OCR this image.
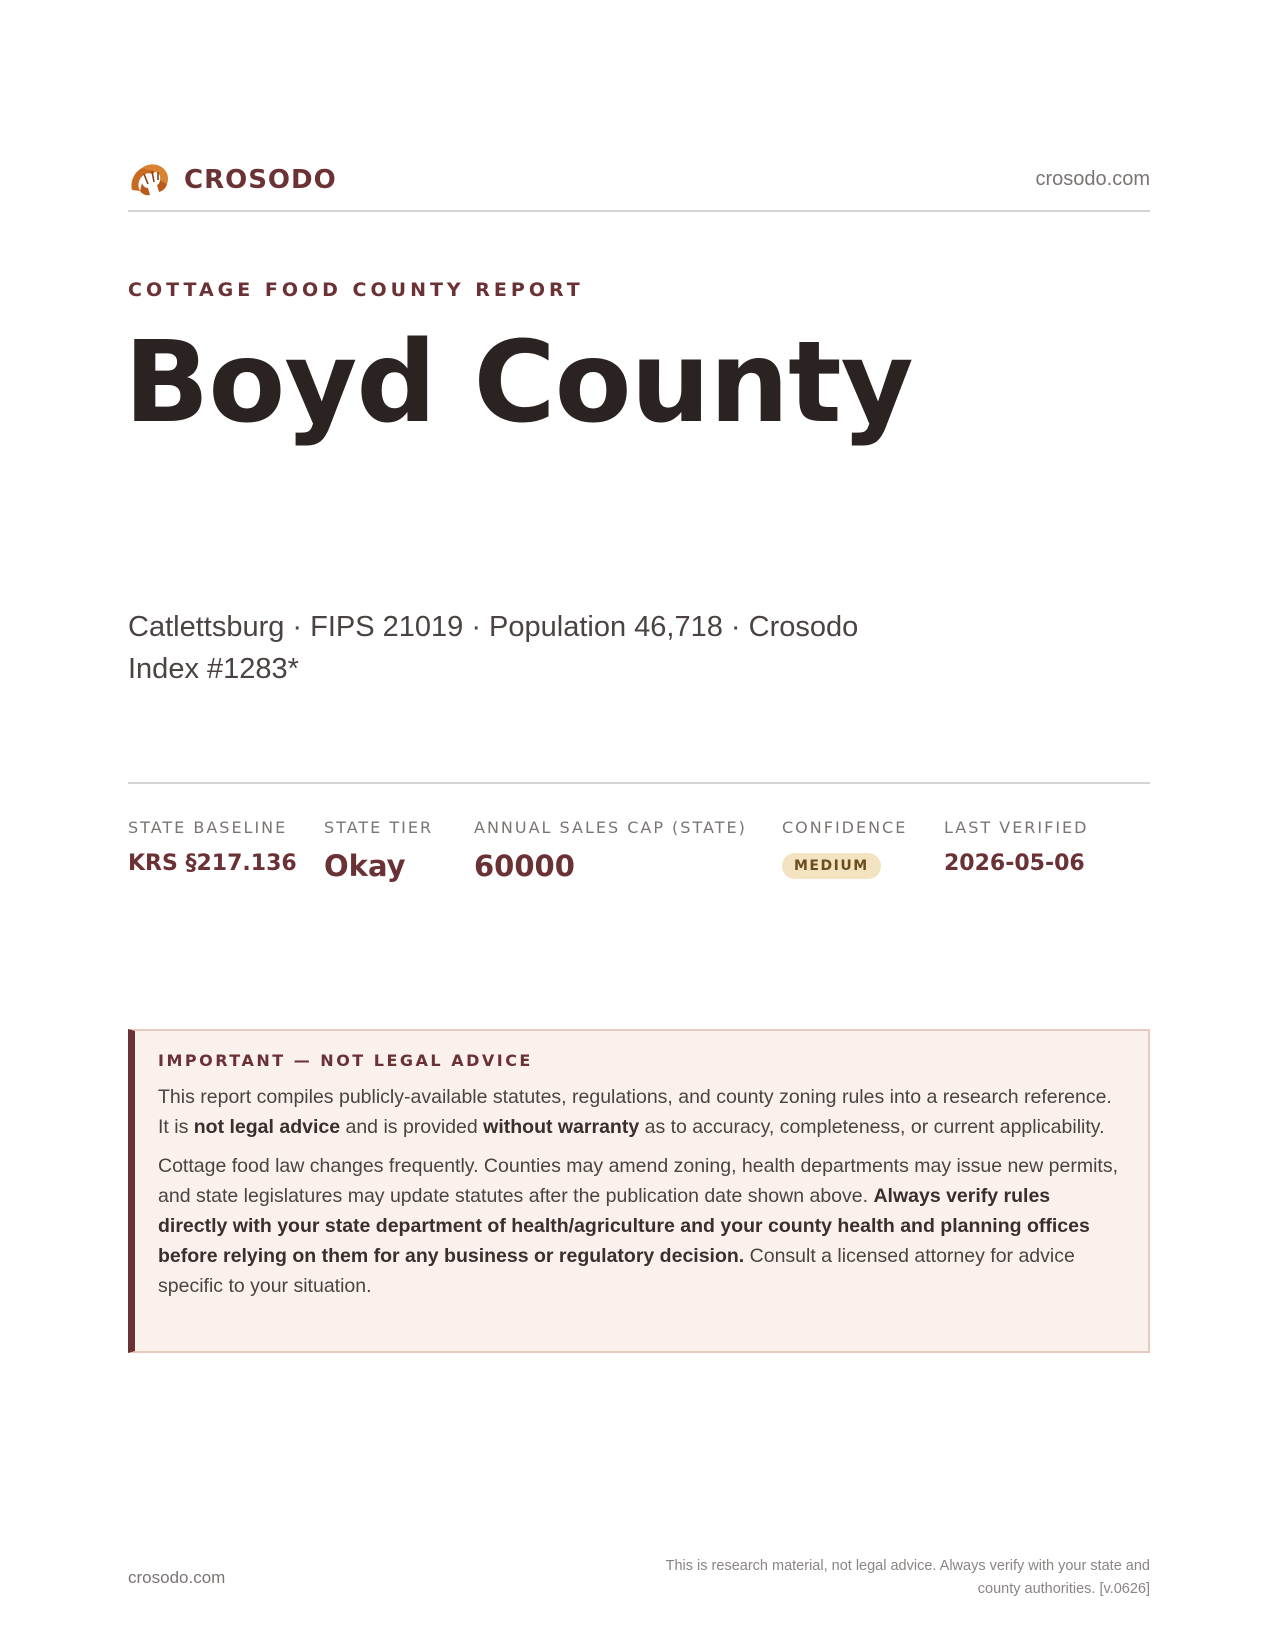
CROSODO	crosodo.com
COTTAGE FOOD COUNTY REPORT
Boyd County
Catlettsburg · FIPS 21019 · Population 46,718 · Crosodo Index #1283*
STATE BASELINE
KRS §217.136
STATE TIER
Okay
ANNUAL SALES CAP (STATE)
60000
CONFIDENCE
MEDIUM
LAST VERIFIED
2026-05-06
IMPORTANT — NOT LEGAL ADVICE

This report compiles publicly-available statutes, regulations, and county zoning rules into a research reference. It is not legal advice and is provided without warranty as to accuracy, completeness, or current applicability.

Cottage food law changes frequently. Counties may amend zoning, health departments may issue new permits, and state legislatures may update statutes after the publication date shown above. Always verify rules directly with your state department of health/agriculture and your county health and planning offices before relying on them for any business or regulatory decision. Consult a licensed attorney for advice specific to your situation.

crosodo.com
This is research material, not legal advice. Always verify with your state and county authorities. [v.0626]
